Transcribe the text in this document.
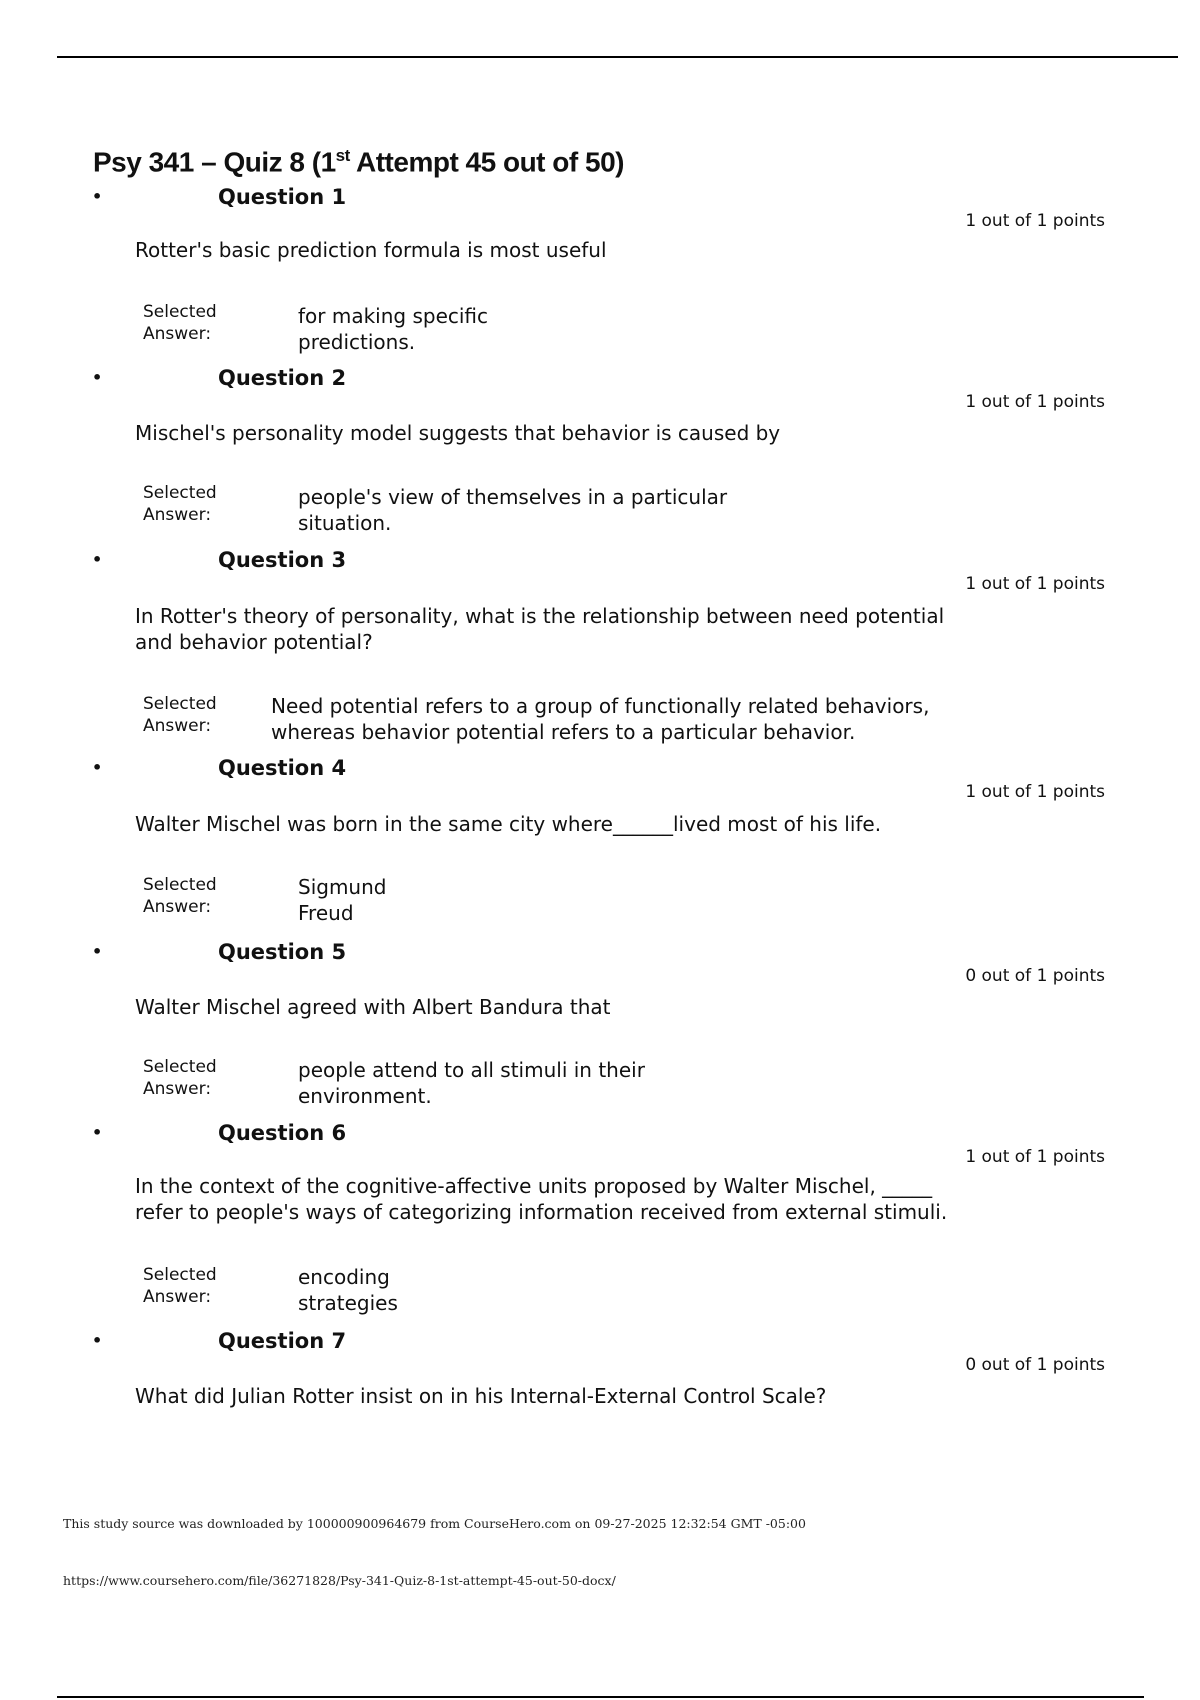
Psy 341 – Quiz 8 (1st Attempt 45 out of 50)
•	Question 1
1 out of 1 points
Rotter's basic prediction formula is most useful
Selected
Answer:
for making specific
predictions.
•	Question 2
1 out of 1 points
Mischel's personality model suggests that behavior is caused by
Selected
Answer:
people's view of themselves in a particular
situation.
•	Question 3
1 out of 1 points
In Rotter's theory of personality, what is the relationship between need potential
and behavior potential?
Selected
Answer:
Need potential refers to a group of functionally related behaviors,
whereas behavior potential refers to a particular behavior.
•	Question 4
1 out of 1 points
Walter Mischel was born in the same city where______lived most of his life.
Selected
Answer:
Sigmund
Freud
•	Question 5
0 out of 1 points
Walter Mischel agreed with Albert Bandura that
Selected
Answer:
people attend to all stimuli in their
environment.
•	Question 6
1 out of 1 points
In the context of the cognitive-affective units proposed by Walter Mischel, _____
refer to people's ways of categorizing information received from external stimuli.
Selected
Answer:
encoding
strategies
•	Question 7
0 out of 1 points
What did Julian Rotter insist on in his Internal-External Control Scale?
This study source was downloaded by 100000900964679 from CourseHero.com on 09-27-2025 12:32:54 GMT -05:00
https://www.coursehero.com/file/36271828/Psy-341-Quiz-8-1st-attempt-45-out-50-docx/
